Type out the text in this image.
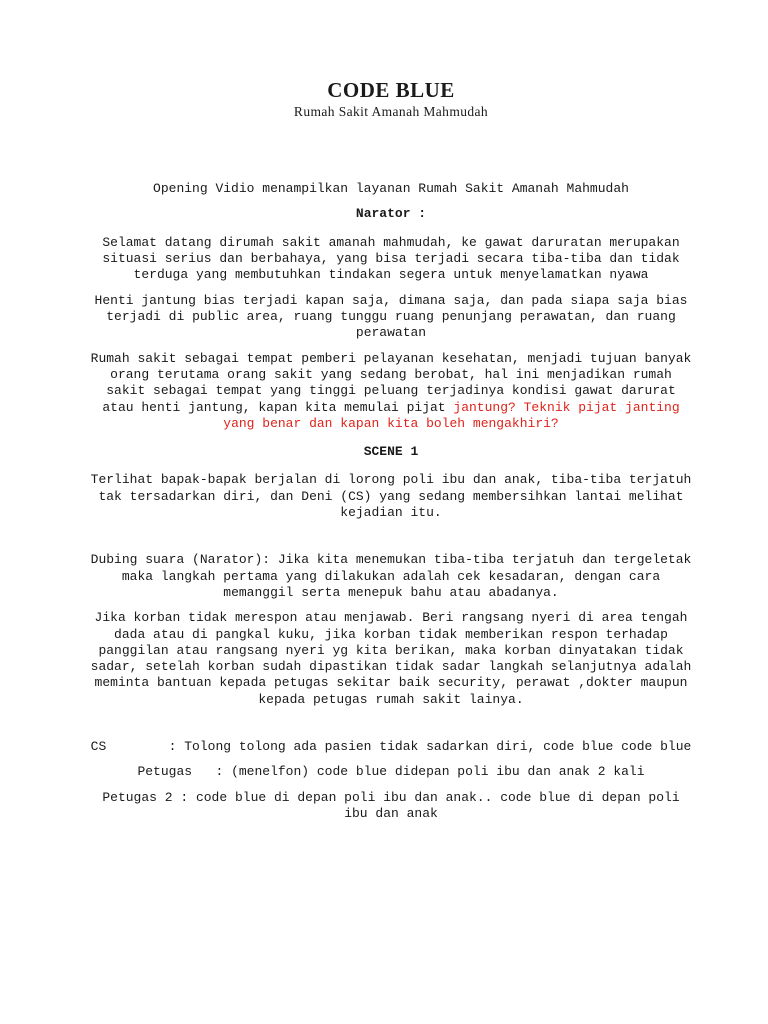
CODE BLUE
Rumah Sakit Amanah Mahmudah

Opening Vidio menampilkan layanan Rumah Sakit Amanah Mahmudah

Narator :

Selamat datang dirumah sakit amanah mahmudah, ke gawat daruratan merupakan situasi serius dan berbahaya, yang bisa terjadi secara tiba-tiba dan tidak terduga yang membutuhkan tindakan segera untuk menyelamatkan nyawa

Henti jantung bias terjadi kapan saja, dimana saja, dan pada siapa saja bias terjadi di public area, ruang tunggu ruang penunjang perawatan, dan ruang perawatan

Rumah sakit sebagai tempat pemberi pelayanan kesehatan, menjadi tujuan banyak orang terutama orang sakit yang sedang berobat, hal ini menjadikan rumah sakit sebagai tempat yang tinggi peluang terjadinya kondisi gawat darurat atau henti jantung, kapan kita memulai pijat jantung? Teknik pijat janting yang benar dan kapan kita boleh mengakhiri?

SCENE 1

Terlihat bapak-bapak berjalan di lorong poli ibu dan anak, tiba-tiba terjatuh tak tersadarkan diri, dan Deni (CS) yang sedang membersihkan lantai melihat kejadian itu.

Dubing suara (Narator): Jika kita menemukan tiba-tiba terjatuh dan tergeletak maka langkah pertama yang dilakukan adalah cek kesadaran, dengan cara memanggil serta menepuk bahu atau abadanya.

Jika korban tidak merespon atau menjawab. Beri rangsang nyeri di area tengah dada atau di pangkal kuku, jika korban tidak memberikan respon terhadap panggilan atau rangsang nyeri yg kita berikan, maka korban dinyatakan tidak sadar, setelah korban sudah dipastikan tidak sadar langkah selanjutnya adalah meminta bantuan kepada petugas sekitar baik security, perawat ,dokter maupun kepada petugas rumah sakit lainya.

CS        : Tolong tolong ada pasien tidak sadarkan diri, code blue code blue

Petugas   : (menelfon) code blue didepan poli ibu dan anak 2 kali

Petugas 2 : code blue di depan poli ibu dan anak.. code blue di depan poli ibu dan anak
